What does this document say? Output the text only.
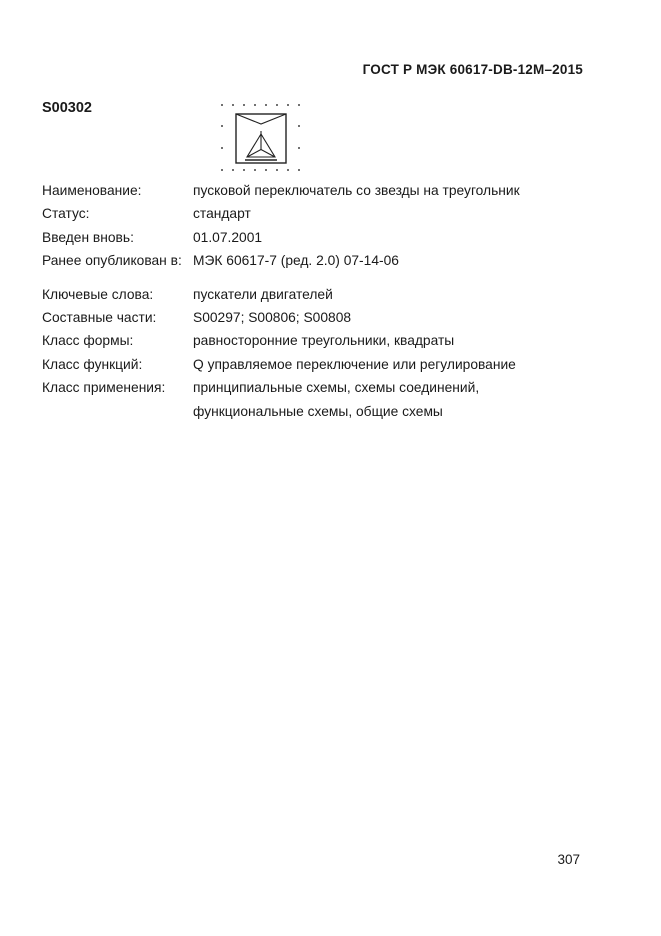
ГОСТ Р МЭК 60617-DB-12M–2015
S00302
Наименование:	пусковой переключатель со звезды на треугольник
Статус:	стандарт
Введен вновь:	01.07.2001
Ранее опубликован в: МЭК 60617-7 (ред. 2.0) 07-14-06
Ключевые слова:	пускатели двигателей
Составные части:	S00297; S00806; S00808
Класс формы:	равносторонние треугольники, квадраты
Класс функций:	Q управляемое переключение или регулирование
Класс применения:	принципиальные схемы, схемы соединений,
функциональные схемы, общие схемы
307
